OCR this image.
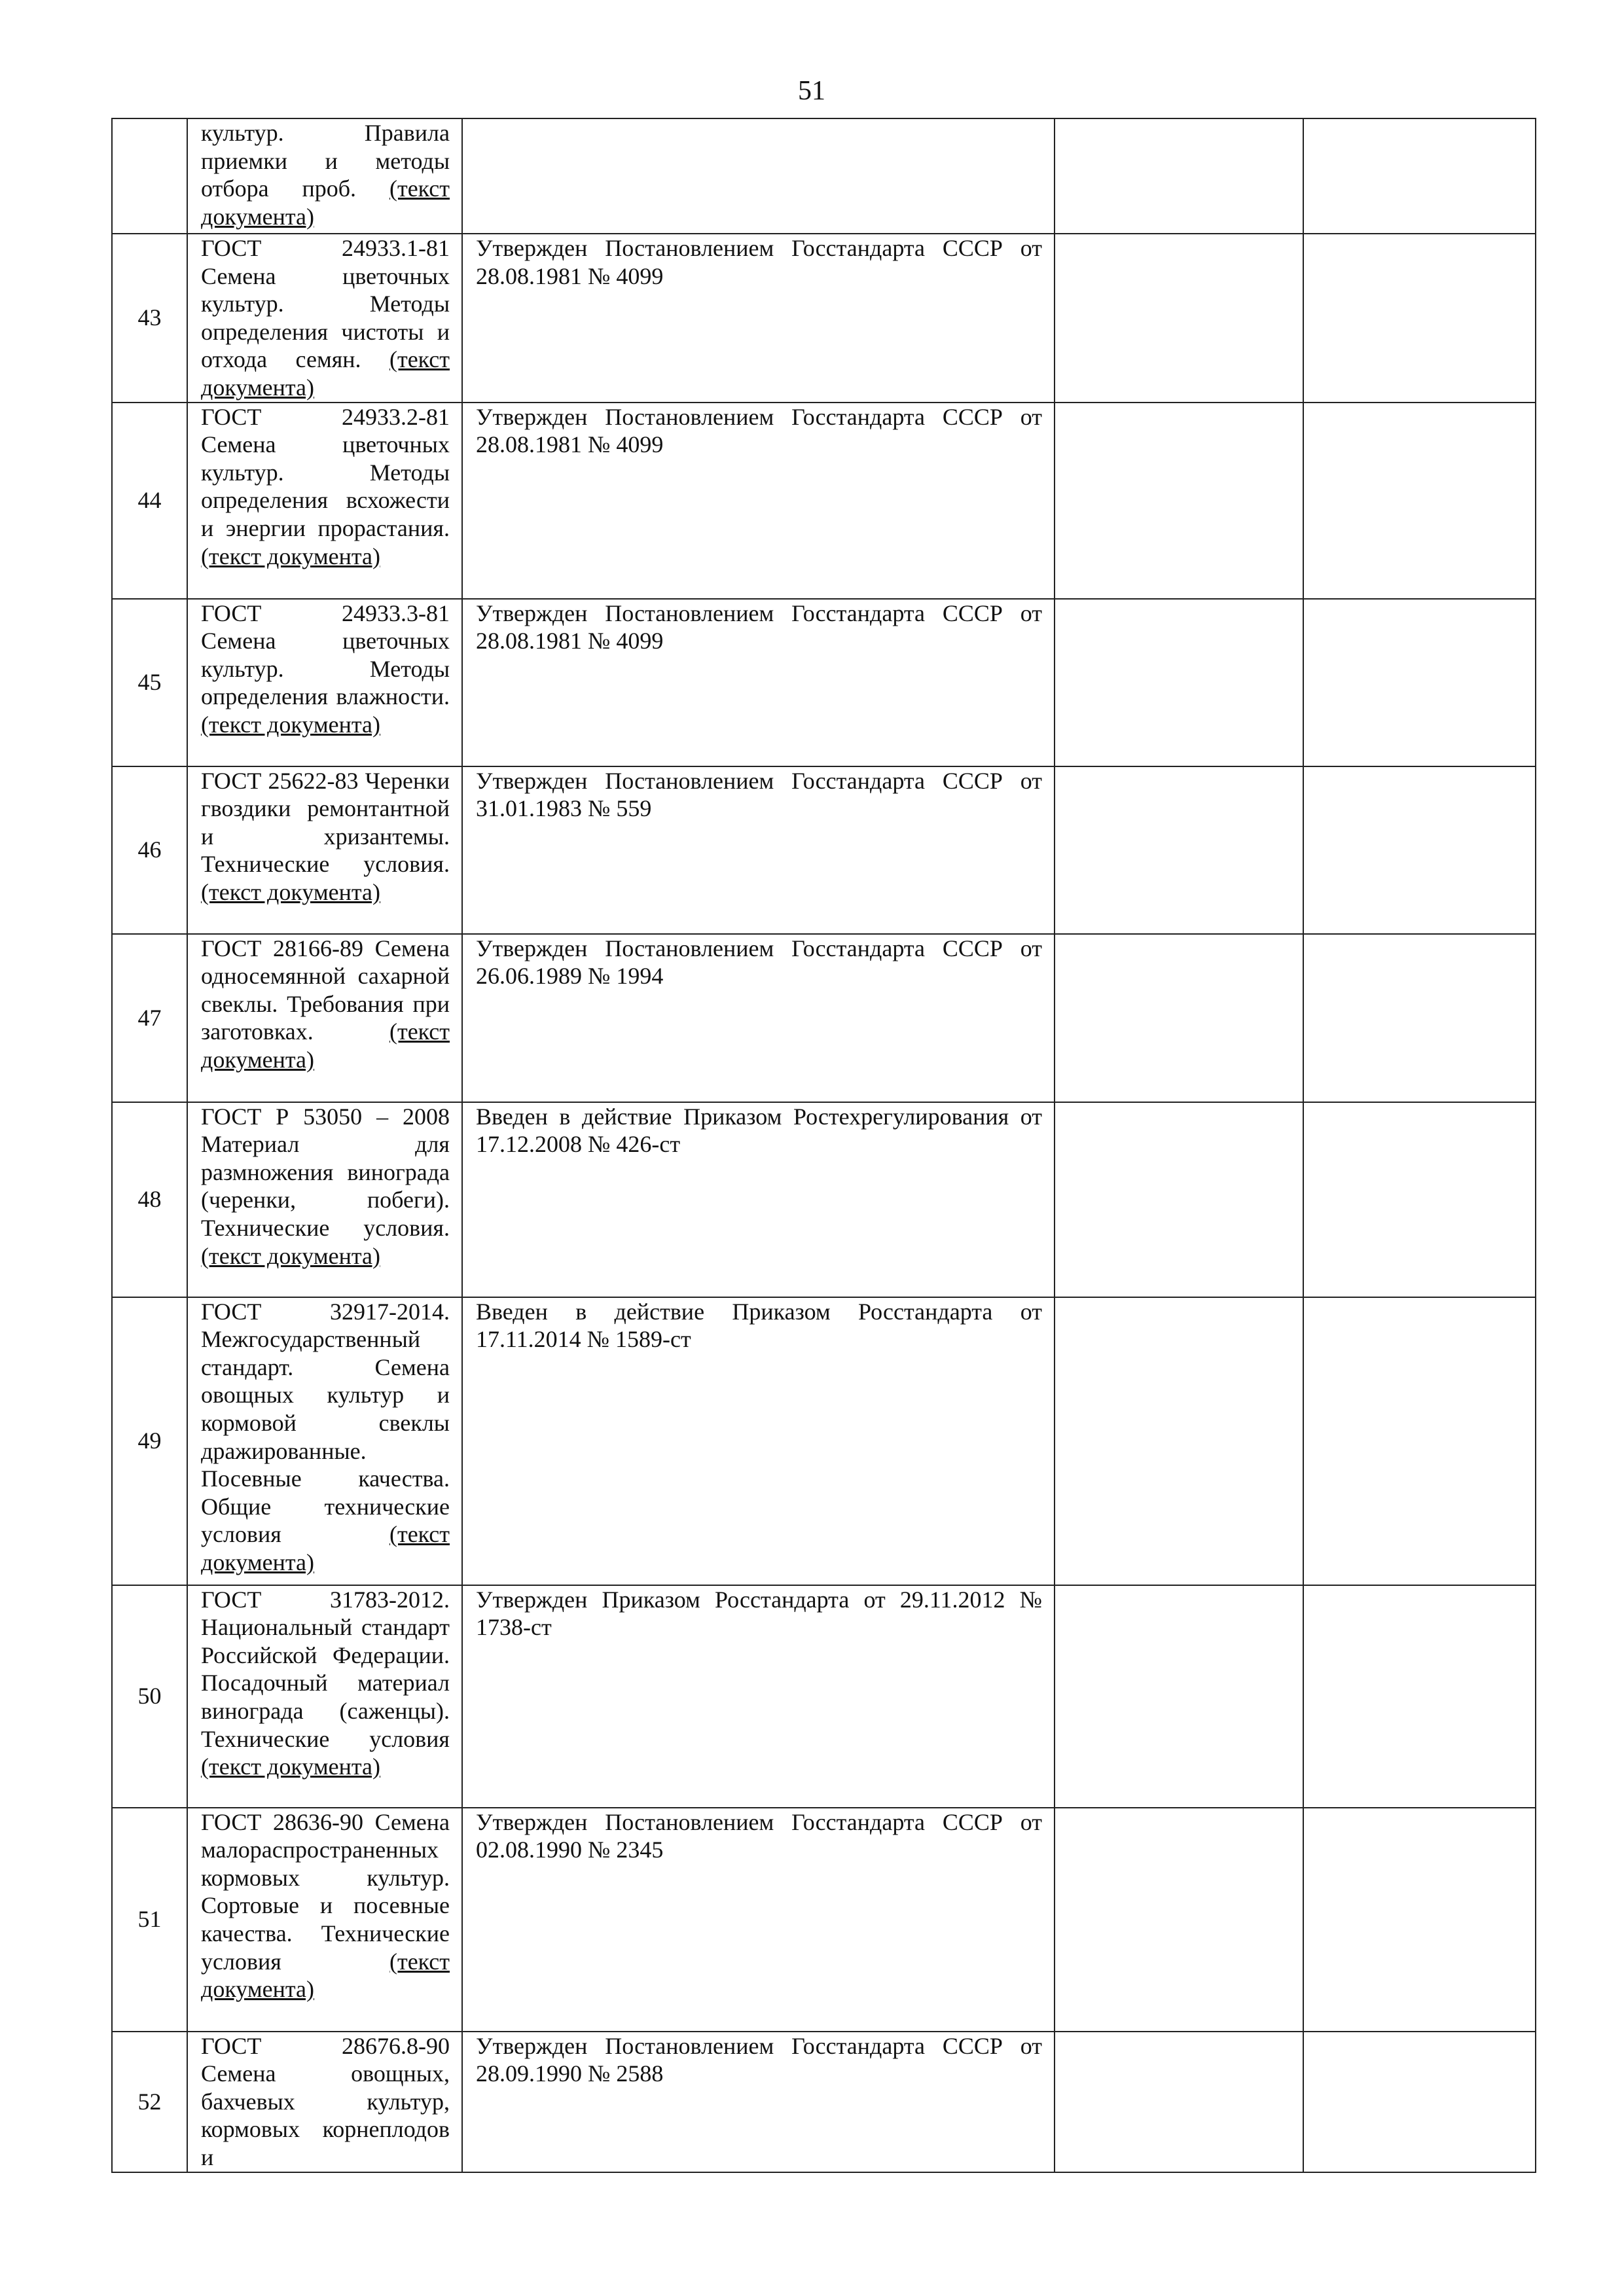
51
	культур. Правила приемки и методы отбора проб. (текст документа)			
43	ГОСТ 24933.1-81 Семена цветочных культур. Методы определения чистоты и отхода семян. (текст документа)	Утвержден Постановлением Госстандарта СССР от 28.08.1981 № 4099		
44	ГОСТ 24933.2-81 Семена цветочных культур. Методы определения всхожести и энергии прорастания. (текст документа)	Утвержден Постановлением Госстандарта СССР от 28.08.1981 № 4099		
45	ГОСТ 24933.3-81 Семена цветочных культур. Методы определения влажности. (текст документа)	Утвержден Постановлением Госстандарта СССР от 28.08.1981 № 4099		
46	ГОСТ 25622-83 Черенки гвоздики ремонтантной и хризантемы. Технические условия. (текст документа)	Утвержден Постановлением Госстандарта СССР от 31.01.1983 № 559		
47	ГОСТ 28166-89 Семена односемянной сахарной свеклы. Требования при заготовках. (текст документа)	Утвержден Постановлением Госстандарта СССР от 26.06.1989 № 1994		
48	ГОСТ Р 53050 – 2008 Материал для размножения винограда (черенки, побеги). Технические условия. (текст документа)	Введен в действие Приказом Ростехрегулирования от 17.12.2008 № 426-ст		
49	ГОСТ 32917-2014. Межгосударственный стандарт. Семена овощных культур и кормовой свеклы дражированные. Посевные качества. Общие технические условия (текст документа)	Введен в действие Приказом Росстандарта от 17.11.2014 № 1589-ст		
50	ГОСТ 31783-2012. Национальный стандарт Российской Федерации. Посадочный материал винограда (саженцы). Технические условия (текст документа)	Утвержден Приказом Росстандарта от 29.11.2012 № 1738-ст		
51	ГОСТ 28636-90 Семена малораспространенных кормовых культур. Сортовые и посевные качества. Технические условия (текст документа)	Утвержден Постановлением Госстандарта СССР от 02.08.1990 № 2345		
52	ГОСТ 28676.8-90 Семена овощных, бахчевых культур, кормовых корнеплодов и	Утвержден Постановлением Госстандарта СССР от 28.09.1990 № 2588		
